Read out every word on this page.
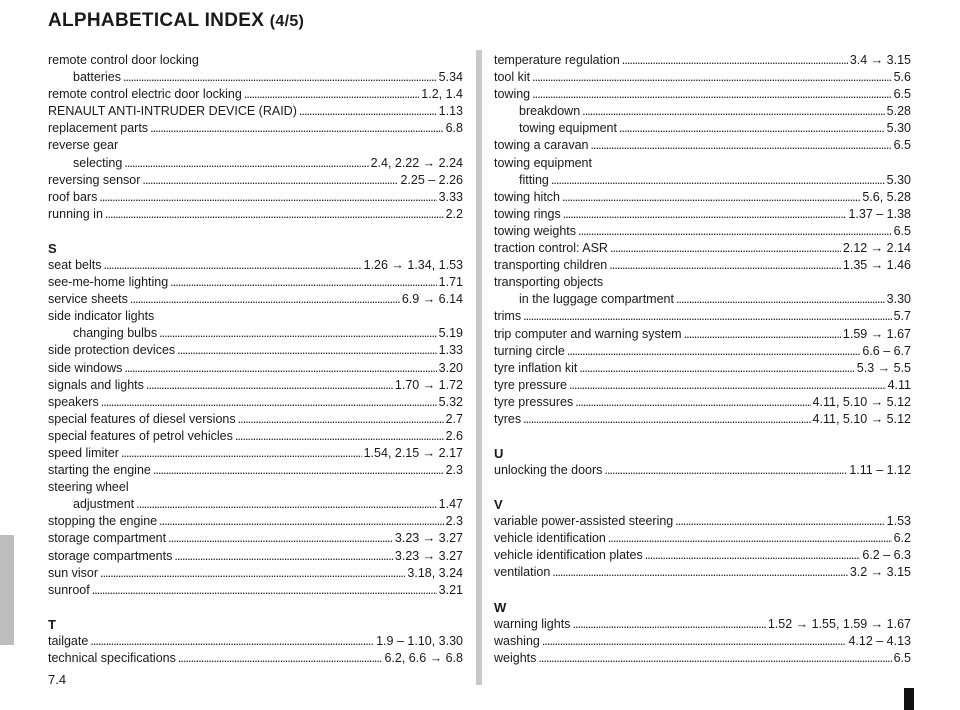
ALPHABETICAL INDEX (4/5)
remote control door locking
batteries . . .	5.34
remote control electric door locking . . .	1.2, 1.4
RENAULT ANTI-INTRUDER DEVICE (RAID) . . .	1.13
replacement parts . . .	6.8
reverse gear
selecting . . .	2.4, 2.22 → 2.24
reversing sensor . . .	2.25 – 2.26
roof bars . . .	3.33
running in . . .	2.2
S
seat belts . . .	1.26 → 1.34, 1.53
see-me-home lighting . . .	1.71
service sheets . . .	6.9 → 6.14
side indicator lights
changing bulbs . . .	5.19
side protection devices . . .	1.33
side windows . . .	3.20
signals and lights . . .	1.70 → 1.72
speakers . . .	5.32
special features of diesel versions . . .	2.7
special features of petrol vehicles . . .	2.6
speed limiter . . .	1.54, 2.15 → 2.17
starting the engine . . .	2.3
steering wheel
adjustment . . .	1.47
stopping the engine . . .	2.3
storage compartment . . .	3.23 → 3.27
storage compartments . . .	3.23 → 3.27
sun visor . . .	3.18, 3.24
sunroof . . .	3.21
T
tailgate . . .	1.9 – 1.10, 3.30
technical specifications . . .	6.2, 6.6 → 6.8
temperature regulation . . .	3.4 → 3.15
tool kit . . .	5.6
towing . . .	6.5
breakdown . . .	5.28
towing equipment . . .	5.30
towing a caravan . . .	6.5
towing equipment
fitting . . .	5.30
towing hitch . . .	5.6, 5.28
towing rings . . .	1.37 – 1.38
towing weights . . .	6.5
traction control: ASR . . .	2.12 → 2.14
transporting children . . .	1.35 → 1.46
transporting objects
in the luggage compartment . . .	3.30
trims . . .	5.7
trip computer and warning system . . .	1.59 → 1.67
turning circle . . .	6.6 – 6.7
tyre inflation kit . . .	5.3 → 5.5
tyre pressure . . .	4.11
tyre pressures . . .	4.11, 5.10 → 5.12
tyres . . .	4.11, 5.10 → 5.12
U
unlocking the doors . . .	1.11 – 1.12
V
variable power-assisted steering . . .	1.53
vehicle identification . . .	6.2
vehicle identification plates . . .	6.2 – 6.3
ventilation . . .	3.2 → 3.15
W
warning lights . . .	1.52 → 1.55, 1.59 → 1.67
washing . . .	4.12 – 4.13
weights . . .	6.5
7.4
